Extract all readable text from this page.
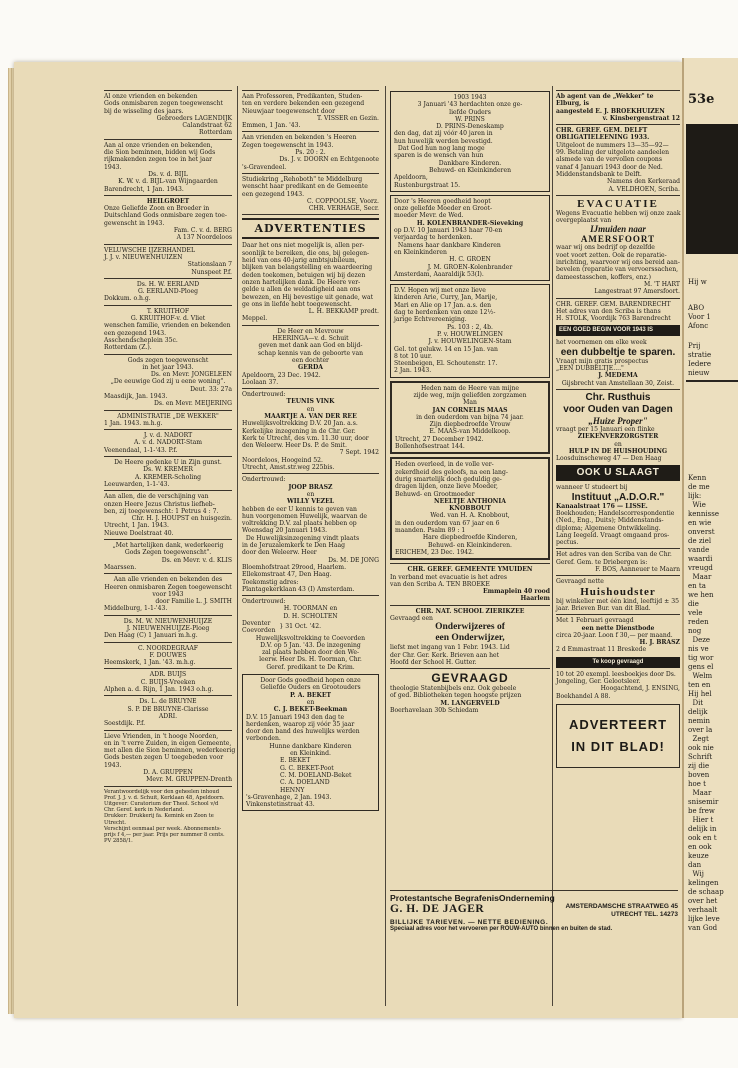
53e
Hij w
ABO
Voor 1
Afonc
Prij
stratie
Iedere
nieuw
Kenn
de me
lijk:
Wie
kennisse
en wie
onverst
de ziel
vande
waardi
vreugd
Maar
en ta
we hen
die
vele
reden
nog
Deze
nis ve
tig wor
gens el
Welm
ten en
Hij hel
Dit
delijk
nemin
over la
Zegt
ook nie
Schrift
zij die
boven
hoe t
Maar
snisemir
be frew
Hier t
delijk in
ook en t
en ook
keuze
dan
Wij
kelingen
de schaap
over het
verhaalt
lijke leve
van God
Al onze vrienden en bekenden
Gods onmisbaren zegen toegewenscht
bij de wisseling des jaars.
Gebroeders LAGENDIJK
Calandstraat 62
Rotterdam
Aan al onze vrienden en bekenden,
die Sion beminnen, bidden wij Gods
rijkmakenden zegen toe in het jaar
1943.
Ds. v. d. BIJL
K. W. v. d. BIJL-van Wijngaarden
Barendrecht, 1 Jan. 1943.
HEILGROET
Onze Geliefde Zoon en Broeder in
Duitschland Gods onmisbare zegen toe-
gewenscht in 1943.
Fam. C. v. d. BERG
A 137 Noordeloos
VELUWSCHE IJZERHANDEL
J. J. v. NIEUWENHUIZEN
Stationslaan 7
Nunspeet P.f.
Ds. H. W. EERLAND
G. EERLAND-Ploeg
Dokkum. o.h.g.
T. KRUITHOF
G. KRUITHOF-v. d. Vliet
wenschen familie, vrienden en bekenden
een gezegend 1943.
Asschendscheplein 35c.
Rotterdam (Z.).
Gods zegen toegewenscht
in het jaar 1943.
Ds. en Mevr. JONGELEEN
„De eeuwige God zij u eene woning".
Deut. 33: 27a
Maasdijk, Jan. 1943.
Ds. en Mevr. MEIJERING
ADMINISTRATIE „DE WEKKER"
1 Jan. 1943. m.h.g.
J. v. d. NADORT
A. v. d. NADORT-Stam
Veenendaal, 1-1-'43. P.f.
De Heere gedenke U in Zijn gunst.
Ds. W. KREMER
A. KREMER-Scholing
Leeuwarden, 1-1-'43.
Aan allen, die de verschijning van
onzen Heere Jezus Christus liefheb-
ben, zij toegewenscht: 1 Petrus 4 : 7.
Chr. H. J. HOUPST en huisgezin.
Utrecht, 1 Jan. 1943.
Nieuwe Doelstraat 40.
„Met hartelijken dank, wederkeerig
Gods Zegen toegewenscht".
Ds. en Mevr. v. d. KLIS
Maarssen.
Aan alle vrienden en bekenden des
Heeren onmisbaren Zegen toegewenscht
voor 1943
door Familie L. J. SMITH
Middelburg, 1-1-'43.
Ds. M. W. NIEUWENHUIJZE
J. NIEUWENHUIJZE-Ploeg
Den Haag (C) 1 Januari m.h.g.
C. NOORDEGRAAF
F. DOUWES
Heemskerk, 1 Jan. '43. m.h.g.
ADR. BUIJS
C. BUIJS-Vreeken
Alphen a. d. Rijn, 1 Jan. 1943 o.h.g.
Ds. L. de BRUYNE
S. P. DE BRUYNE-Clarisse
ADRI.
Soestdijk. P.f.
Lieve Vrienden, in 't hooge Noorden,
en in 't verre Zuiden, in eigen Gemeente,
met allen die Sion beminnen, wederkeerig
Gods besten zegen U toegebeden voor
1943.
D. A. GRUPPEN
Mevr. M. GRUPPEN-Drenth
Verantwoordelijk voor den geheelen inhoud
Prof. J. J. v. d. Schuit, Kerklaan 48, Apeldoorn.
Uitgever: Curatorium der Theol. School v/d
Chr. Geref. kerk in Nederland.
Drukker: Drukkerij fa. Kemink en Zoon te
Utrecht.
Verschijnt eenmaal per week. Abonnements-
prijs f 4,— per jaar. Prijs per nummer 8 cents.
PV 2858/1.
Aan Professoren, Predikanten, Studen-
ten en verdere bekenden een gezegend
Nieuwjaar toegewenscht door
T. VISSER en Gezin.
Emmen, 1 Jan. '43.
Aan vrienden en bekenden 's Heeren
Zegen toegewenscht in 1943.
Ps. 20 : 2.
Ds. J. v. DOORN en Echtgenoote
's-Gravendeel.
Studiekring „Rehoboth" te Middelburg
wenscht haar predikant en de Gemeente
een gezegend 1943.
C. COPPOOLSE, Voorz.
CHR. VERHAGE, Secr.
ADVERTENTIES
Daar het ons niet mogelijk is, allen per-
soonlijk te bereiken, die ons, bij gelegen-
heid van ons 40-jarig ambtsjubileum,
blijken van belangstelling en waardeering
deden toekomen, betuigen wij bij dezen
onzen hartelijken dank. De Heere ver-
gelde u allen de weldadigheid aan ons
bewezen, en Hij bevestige uit genade, wat
ge ons in liefde hebt toegewenscht.
L. H. BEKKAMP predt.
Meppel.
De Heer en Mevrouw
HEERINGA—v. d. Schuit
geven met dank aan God en blijd-
schap kennis van de geboorte van
een dochter
GERDA
Apeldoorn, 23 Dec. 1942.
Loolaan 37.
Ondertrouwd:
TEUNIS VINK
en
MAARTJE A. VAN DER REE
Huwelijksvoltrekking D.V. 20 Jan. a.s.
Kerkelijke inzegening in de Chr. Ger.
Kerk te Utrecht, des v.m. 11.30 uur, door
den Weleerw. Heer Ds. P. de Smit.
7 Sept. 1942
Noordeloos, Hoogeind 52.
Utrecht, Amst.str.weg 225bis.
Ondertrouwd:
JOOP BRASZ
en
WILLY VEZEL
hebben de eer U kennis te geven van
hun voorgenomen Huwelijk, waarvan de
voltrekking D.V. zal plaats hebben op
Woensdag 20 Januari 1943.
De Huwelijksinzegening vindt plaats
in de Jeruzalemkerk te Den Haag
door den Weleerw. Heer
Ds. M. DE JONG
Bloemhofstraat 29rood, Haarlem.
Ellekomstraat 47, Den Haag.
Toekomstig adres:
Plantagekerklaan 43 (I) Amsterdam.
Ondertrouwd:
H. TOORMAN en
D. H. SCHOLTEN
Deventer
Coevorden
} 31 Oct. '42.
Huwelijksvoltrekking te Coevorden
D.V. op 5 Jan. '43. De inzegening
zal plaats hebben door den We-
leerw. Heer Ds. H. Toorman, Chr.
Geref. predikant te De Krim.
Door Gods goedheid hopen onze
Geliefde Ouders en Grootouders
P. A. BEKET
en
C. J. BEKET-Beekman
D.V. 15 Januari 1943 den dag te
herdenken, waarop zij vóór 35 jaar
door den band des huwelijks werden
verbonden.
Hunne dankbare Kinderen
en Kleinkind.
E. BEKET
G. C. BEKET-Poot
C. M. DOELAND-Beket
C. A. DOELAND
HENNY
's-Gravenhage, 2 Jan. 1943.
Vinkenstetinstraat 43.
1903 1943
3 Januari '43 herdachten onze ge-
liefde Ouders
W. PRINS
D. PRINS-Deneskamp
den dag, dat zij vóór 40 jaren in
hun huwelijk werden bevestigd.
Dat God hun nog lang moge
sparen is de wensch van hun
Dankbare Kinderen.
Behuwd- en Kleinkinderen
Apeldoorn,
Rustenburgstraat 15.
Door 's Heeren goedheid hoopt
onze geliefde Moeder en Groot-
moeder Mevr. de Wed.
H. KOLENBRANDER-Sieveking
op D.V. 10 Januari 1943 haar 70-en
verjaardag te herdenken.
Namens haar dankbare Kinderen
en Kleinkinderen
H. C. GROEN
J. M. GROEN-Kolenbrander
Amsterdam, Aaaraldijk 53(I).
D.V. Hopen wij met onze lieve
kinderen Arie, Curry, Jan, Marije,
Mari en Alie op 17 Jan. a.s. den
dag te herdenken van onze 12½-
jarige Echtvereeniging.
Ps. 103 : 2, 4b.
P. v. HOUWELINGEN
J. v. HOUWELINGEN-Stam
Gel. tot gelukw. 14 en 15 Jan. van
8 tot 10 uur.
Steenbeigen, El. Schoutenstr. 17.
2 Jan. 1943.
Heden nam de Heere van mijne
zijde weg, mijn geliefden zorgzamen
Man
JAN CORNELIS MAAS
in den ouderdom van bijna 74 jaar.
Zijn diepbedroefde Vrouw
E. MAAS-van Middelkoop.
Utrecht, 27 December 1942.
Bollenhofsestraat 144.
Heden overleed, in de volle ver-
zekerdheid des geloofs, na een lang-
durig smartelijk doch geduldig ge-
dragen lijden, onze lieve Moeder,
Behuwd- en Grootmoeder
NEELTJE ANTHONIA
KNOBBOUT
Wed. van H. A. Knobbout,
in den ouderdom van 67 jaar en 6
maanden. Psalm 89 : 1
Hare diepbedroefde Kinderen,
Behuwd- en Kleinkinderen.
ERICHEM, 23 Dec. 1942.
CHR. GEREF. GEMEENTE YMUIDEN
In verband met evacuatie is het adres
van den Scriba A. TEN BROEKE
Emmaplein 40 rood
Haarlem
CHR. NAT. SCHOOL ZIERIKZEE
Gevraagd een
Onderwijzeres of
een Onderwijzer,
liefst met ingang van 1 Febr. 1943. Lid
der Chr. Ger. Kerk. Brieven aan het
Hoofd der School H. Gutter.
GEVRAAGD
theologie Statenbijbels enz. Ook gebeele
of ged. Bibliotheken tegen hoogste prijzen
M. LANGERVELD
Boerhavelaan 30b Schiedam
Ab agent van de „Wekker" te Elburg, is
aangesteld E. J. BROEKHUIZEN
v. Kinsbergenstraat 12
CHR. GEREF. GEM. DELFT
OBLIGATIELEENING 1933.
Uitgeloot de nummers 13—35—92—
99. Betaling der uitgelote aandeelen
alsmede van de vervollen coupons
vanaf 4 Januari 1943 door de Ned.
Middenstandsbank te Delft.
Namens den Kerkeraad
A. VELDHOEN, Scriba.
EVACUATIE
Wegens Evacuatie hebben wij onze zaak
overgeplaatst van
IJmuiden naar
AMERSFOORT
waar wij ons bedrijf op dezelfde
voet voort zetten. Ook de reparatie-
inrichting, waarvoor wij ons bereid aan-
bevelen (reparatie van vervoerssachen,
dameestasschen, koffers, enz.)
M. 'T HART
Langestraat 97 Amersfoort.
CHR. GEREF. GEM. BARENDRECHT
Het adres van den Scriba is thans
H. STOLK, Voordijk 763 Barendrecht
EEN GOED BEGIN VOOR 1943 IS
het voornemen om elke week
een dubbeltje te sparen.
Vraagt mijn gratis prospectus
„EEN DUBBELTJE...."
J. MEDEMA
Gijsbrecht van Amstellaan 30, Zeist.
Chr. Rusthuis
voor Ouden van Dagen
„Huize Proper"
vraagt per 15 Januari een flinke
ZIEKENVERZORGSTER
en
HULP IN DE HUISHOUDING
Loosduinscheweg 47 — Den Haag
OOK U SLAAGT
wanneer U studeert bij
Instituut „A.D.O.R."
Kanaalstraat 176 — LISSE.
Boekhouden; Handelscorrespondentie
(Ned., Eng., Duits); Middenstands-
diploma; Algemene Ontwikkeling.
Lang Ieegeld. Vraagt omgaand pros-
pectus.
Het adres van den Scriba van de Chr.
Geref. Gem. te Driebergen is:
F. BOS, Aanneuer te Maarn
Gevraagd nette
Huishoudster
bij winkelier met één kind, leeftijd ± 35
jaar. Brieven Bur. van dit Blad.
Met 1 Februari gevraagd
een nette Dienstbode
circa 20-jaar. Loon f 30,— per maand.
H. J. BRASZ
2 d Emmastraat 11 Breskede
Te koop gevraagd
10 tot 20 exempl. leesboekjes door Ds.
Jongeling, Ger. Gelootsleer.
Hoogachtend, J. ENSING,
Boekhandel A 88.
ADVERTEERT
IN DIT BLAD!
Protestantsche BegrafenisOnderneming
G. H. DE JAGER	AMSTERDAMSCHE STRAATWEG 45
UTRECHT TEL. 14273
BILLIJKE TARIEVEN. — NETTE BEDIENING.
Speciaal adres voor het vervoeren per ROUW-AUTO binnen en buiten de stad.
